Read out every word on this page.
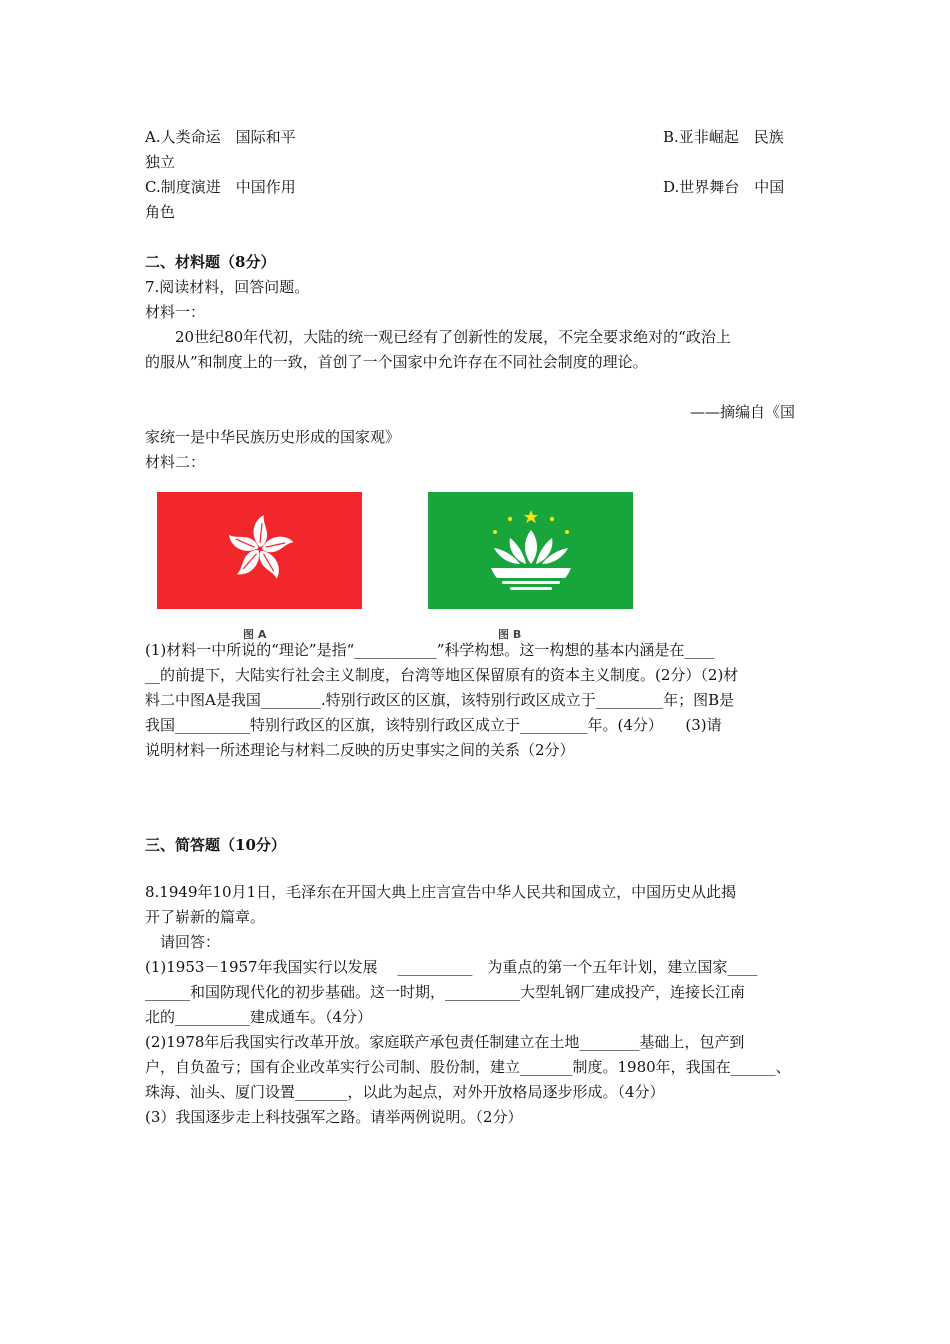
A.人类命运　国际和平	B.亚非崛起　民族
独立
C.制度演进　中国作用	D.世界舞台　中国
角色
二、材料题（8分）
7.阅读材料，回答问题。
材料一：
20世纪80年代初，大陆的统一观已经有了创新性的发展，不完全要求绝对的“政治上
的服从”和制度上的一致，首创了一个国家中允许存在不同社会制度的理论。
——摘编自《国
家统一是中华民族历史形成的国家观》
材料二：
图 A	图 B
(1)材料一中所说的“理论”是指“___________”科学构想。这一构想的基本内涵是在____
__的前提下，大陆实行社会主义制度，台湾等地区保留原有的资本主义制度。(2分）（2)材
料二中图A是我国________.特别行政区的区旗，该特别行政区成立于_________年；图B是
我国__________特别行政区的区旗，该特别行政区成立于_________年。(4分）　　(3)请
说明材料一所述理论与材料二反映的历史事实之间的关系（2分）
三、简答题（10分）
8.1949年10月1日，毛泽东在开国大典上庄言宣告中华人民共和国成立，中国历史从此揭
开了崭新的篇章。
　请回答：
(1)1953－1957年我国实行以发展　 __________　为重点的第一个五年计划，建立国家____
______和国防现代化的初步基础。这一时期，__________大型轧钢厂建成投产，连接长江南
北的__________建成通车。（4分）
(2)1978年后我国实行改革开放。家庭联产承包责任制建立在土地________基础上，包产到
户，自负盈亏；国有企业改革实行公司制、股份制，建立_______制度。1980年，我国在______、
珠海、汕头、厦门设置_______，以此为起点，对外开放格局逐步形成。（4分）
(3）我国逐步走上科技强军之路。请举两例说明。（2分）
